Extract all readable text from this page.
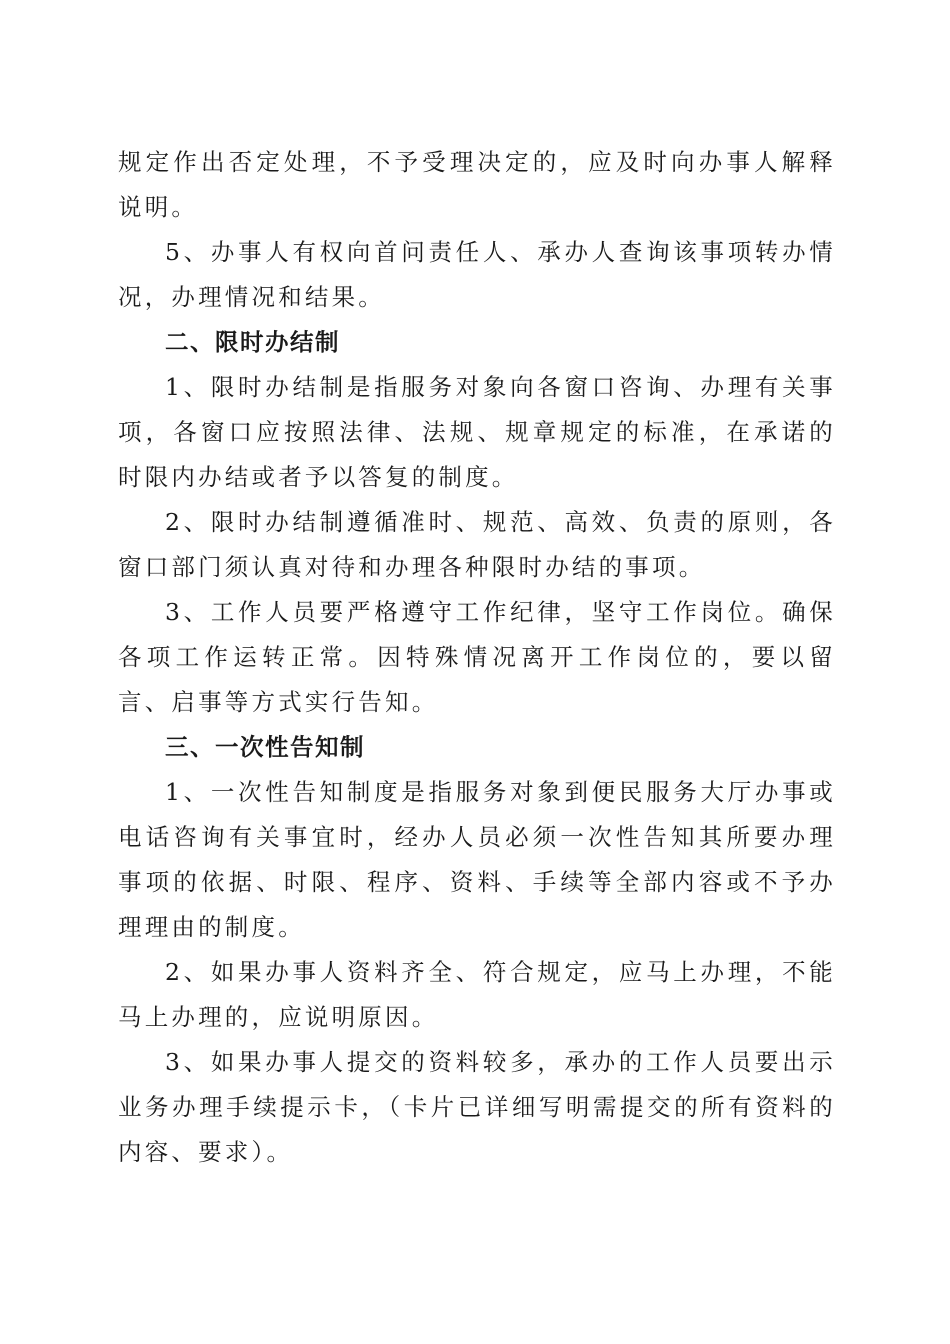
规定作出否定处理，不予受理决定的，应及时向办事人解释说明。

5、办事人有权向首问责任人、承办人查询该事项转办情况，办理情况和结果。

二、限时办结制

1、限时办结制是指服务对象向各窗口咨询、办理有关事项，各窗口应按照法律、法规、规章规定的标准，在承诺的时限内办结或者予以答复的制度。

2、限时办结制遵循准时、规范、高效、负责的原则，各窗口部门须认真对待和办理各种限时办结的事项。

3、工作人员要严格遵守工作纪律，坚守工作岗位。确保各项工作运转正常。因特殊情况离开工作岗位的，要以留言、启事等方式实行告知。

三、一次性告知制

1、一次性告知制度是指服务对象到便民服务大厅办事或电话咨询有关事宜时，经办人员必须一次性告知其所要办理事项的依据、时限、程序、资料、手续等全部内容或不予办理理由的制度。

2、如果办事人资料齐全、符合规定，应马上办理，不能马上办理的，应说明原因。

3、如果办事人提交的资料较多，承办的工作人员要出示业务办理手续提示卡，（卡片已详细写明需提交的所有资料的内容、要求）。
